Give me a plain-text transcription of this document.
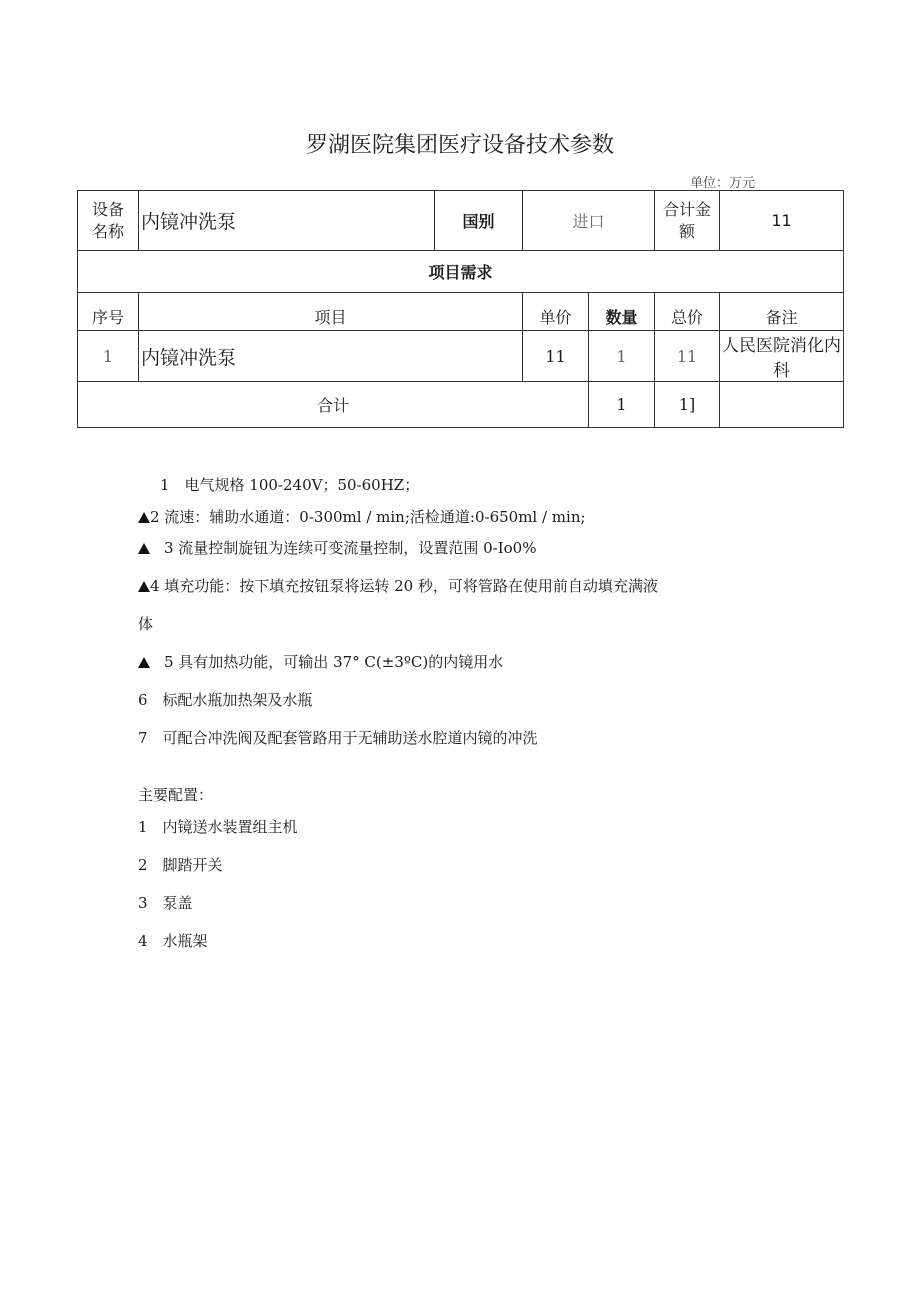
罗湖医院集团医疗设备技术参数
单位：万元
设备名称	内镜冲洗泵	国别	进口		合计金额	11
项目需求						
序号	项目		单价	数量	总价	备注
1	内镜冲洗泵		11	1	11	人民医院消化内科
合计				1	1]	
1　电气规格 100-240V；50-60HZ；
2 流速：辅助水通道：0-300ml / min;活检通道:0-650ml / min;
3 流量控制旋钮为连续可变流量控制，设置范围 0-Io0%
4 填充功能：按下填充按钮泵将运转 20 秒，可将管路在使用前自动填充满液
体
5 具有加热功能，可输出 37° C(±3ºC)的内镜用水
6　标配水瓶加热架及水瓶
7　可配合冲洗阀及配套管路用于无辅助送水腔道内镜的冲洗
主要配置：
1　内镜送水装置组主机
2　脚踏开关
3　泵盖
4　水瓶架
